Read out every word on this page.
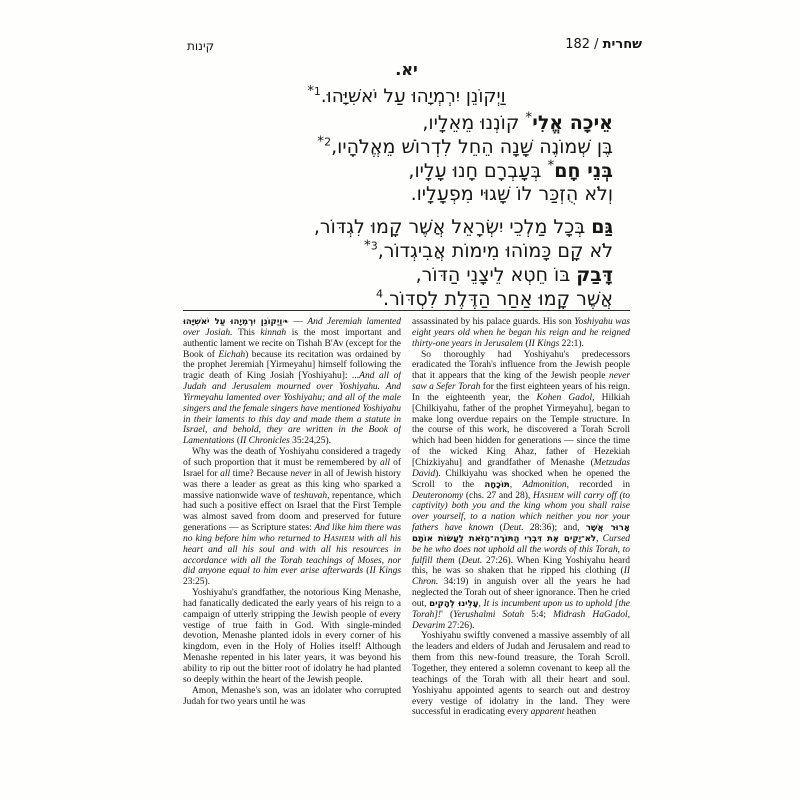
קינות	שחרית / 182
יא.
וַיְקוֹנֵן יִרְמְיָהוּ עַל יֹאשִׁיָּהוּ.$^{1*}$
אֵיכָה אֱלִי* קוֹנְנוּ מֵאֵלָיו,
בֶּן שְׁמוֹנֶה שָׁנָה הֵחֵל לִדְרוֹשׁ מֵאֱלֹהָיו,$^{2*}$
בְּנֵי חָם* בְּעָבְרָם חָנוּ עָלָיו,
וְלֹא הֻזְכַּר לוֹ שָׁגוּי מִפְעָלָיו.
גַּם בְּכָל מַלְכֵי יִשְׂרָאֵל אֲשֶׁר קָמוּ לִגְדּוֹר,
לֹא קָם כָּמוֹהוּ מִימוֹת אֲבִיגְדוֹר,$^{3*}$
דָּבַק בּוֹ חֵטְא לֵיצָנֵי הַדּוֹר,
אֲשֶׁר קָמוּ אַחַר הַדֶּלֶת לִסְדּוֹר.$^4$

וַיְקוֹנֵן יִרְמְיָהוּ עַל יֹאשִׁיָּהוּ❧ — And Jeremiah lamented over Josiah. This kinnah is the most important and authentic lament we recite on Tishah B'Av (except for the Book of Eichah) because its recitation was ordained by the prophet Jeremiah [Yirmeyahu] himself following the tragic death of King Josiah [Yoshiyahu]: ...And all of Judah and Jerusalem mourned over Yoshiyahu. And Yirmeyahu lamented over Yoshiyahu; and all of the male singers and the female singers have mentioned Yoshiyahu in their laments to this day and made them a statute in Israel, and behold, they are written in the Book of Lamentations (II Chronicles 35:24,25).

Why was the death of Yoshiyahu considered a tragedy of such proportion that it must be remembered by all of Israel for all time? Because never in all of Jewish history was there a leader as great as this king who sparked a massive nationwide wave of teshuvah, repentance, which had such a positive effect on Israel that the First Temple was almost saved from doom and preserved for future generations — as Scripture states: And like him there was no king before him who returned to Hashem with all his heart and all his soul and with all his resources in accordance with all the Torah teachings of Moses, nor did anyone equal to him ever arise afterwards (II Kings 23:25).

Yoshiyahu's grandfather, the notorious King Menashe, had fanatically dedicated the early years of his reign to a campaign of utterly stripping the Jewish people of every vestige of true faith in God. With single-minded devotion, Menashe planted idols in every corner of his kingdom, even in the Holy of Holies itself! Although Menashe repented in his later years, it was beyond his ability to rip out the bitter root of idolatry he had planted so deeply within the heart of the Jewish people.

Amon, Menashe's son, was an idolater who corrupted Judah for two years until he was

assassinated by his palace guards. His son Yoshiyahu was eight years old when he began his reign and he reigned thirty-one years in Jerusalem (II Kings 22:1).

So thoroughly had Yoshiyahu's predecessors eradicated the Torah's influence from the Jewish people that it appears that the king of the Jewish people never saw a Sefer Torah for the first eighteen years of his reign. In the eighteenth year, the Kohen Gadol, Hilkiah [Chilkiyahu, father of the prophet Yirmeyahu], began to make long overdue repairs on the Temple structure. In the course of this work, he discovered a Torah Scroll which had been hidden for generations — since the time of the wicked King Ahaz, father of Hezekiah [Chizkiyahu] and grandfather of Menashe (Metzudas David). Chilkiyahu was shocked when he opened the Scroll to the תּוֹכָחָה, Admonition, recorded in Deuteronomy (chs. 27 and 28), Hashem will carry off (to captivity) both you and the king whom you shall raise over yourself, to a nation which neither you nor your fathers have known (Deut. 28:36); and, אָרוּר אֲשֶׁר לֹא־יָקִים אֶת דִּבְרֵי הַתּוֹרָה־הַזֹּאת לַעֲשׂוֹת אוֹתָם, Cursed be he who does not uphold all the words of this Torah, to fulfill them (Deut. 27:26). When King Yoshiyahu heard this, he was so shaken that he ripped his clothing (II Chron. 34:19) in anguish over all the years he had neglected the Torah out of sheer ignorance. Then he cried out, עָלֵינוּ לְהָקִים, It is incumbent upon us to uphold [the Torah]!' (Yerushalmi Sotah 5:4; Midrash HaGadol, Devarim 27:26).

Yoshiyahu swiftly convened a massive assembly of all the leaders and elders of Judah and Jerusalem and read to them from this new-found treasure, the Torah Scroll. Together, they entered a solemn covenant to keep all the teachings of the Torah with all their heart and soul. Yoshiyahu appointed agents to search out and destroy every vestige of idolatry in the land. They were successful in eradicating every apparent heathen
